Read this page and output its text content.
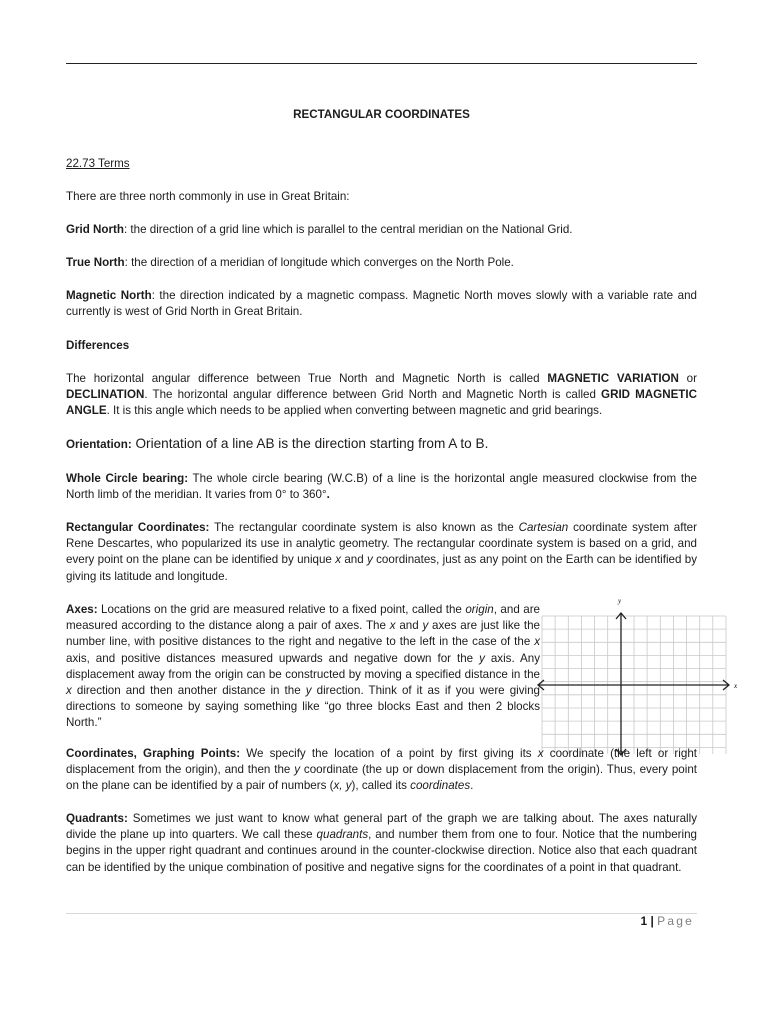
RECTANGULAR COORDINATES

22.73 Terms

There are three north commonly in use in Great Britain:

Grid North: the direction of a grid line which is parallel to the central meridian on the National Grid.

True North: the direction of a meridian of longitude which converges on the North Pole.

Magnetic North: the direction indicated by a magnetic compass. Magnetic North moves slowly with a variable rate and currently is west of Grid North in Great Britain.

Differences

The horizontal angular difference between True North and Magnetic North is called MAGNETIC VARIATION or DECLINATION. The horizontal angular difference between Grid North and Magnetic North is called GRID MAGNETIC ANGLE. It is this angle which needs to be applied when converting between magnetic and grid bearings.

Orientation: Orientation of a line AB is the direction starting from A to B.

Whole Circle bearing: The whole circle bearing (W.C.B) of a line is the horizontal angle measured clockwise from the North limb of the meridian. It varies from 0° to 360°.

Rectangular Coordinates: The rectangular coordinate system is also known as the Cartesian coordinate system after Rene Descartes, who popularized its use in analytic geometry. The rectangular coordinate system is based on a grid, and every point on the plane can be identified by unique x and y coordinates, just as any point on the Earth can be identified by giving its latitude and longitude.

Axes: Locations on the grid are measured relative to a fixed point, called the origin, and are measured according to the distance along a pair of axes. The x and y axes are just like the number line, with positive distances to the right and negative to the left in the case of the x axis, and positive distances measured upwards and negative down for the y axis. Any displacement away from the origin can be constructed by moving a specified distance in the x direction and then another distance in the y direction. Think of it as if you were giving directions to someone by saying something like “go three blocks East and then 2 blocks North.”

y
x

Coordinates, Graphing Points: We specify the location of a point by first giving its x coordinate (the left or right displacement from the origin), and then the y coordinate (the up or down displacement from the origin). Thus, every point on the plane can be identified by a pair of numbers (x, y), called its coordinates.

Quadrants: Sometimes we just want to know what general part of the graph we are talking about. The axes naturally divide the plane up into quarters. We call these quadrants, and number them from one to four. Notice that the numbering begins in the upper right quadrant and continues around in the counter-clockwise direction. Notice also that each quadrant can be identified by the unique combination of positive and negative signs for the coordinates of a point in that quadrant.

1 | Page
